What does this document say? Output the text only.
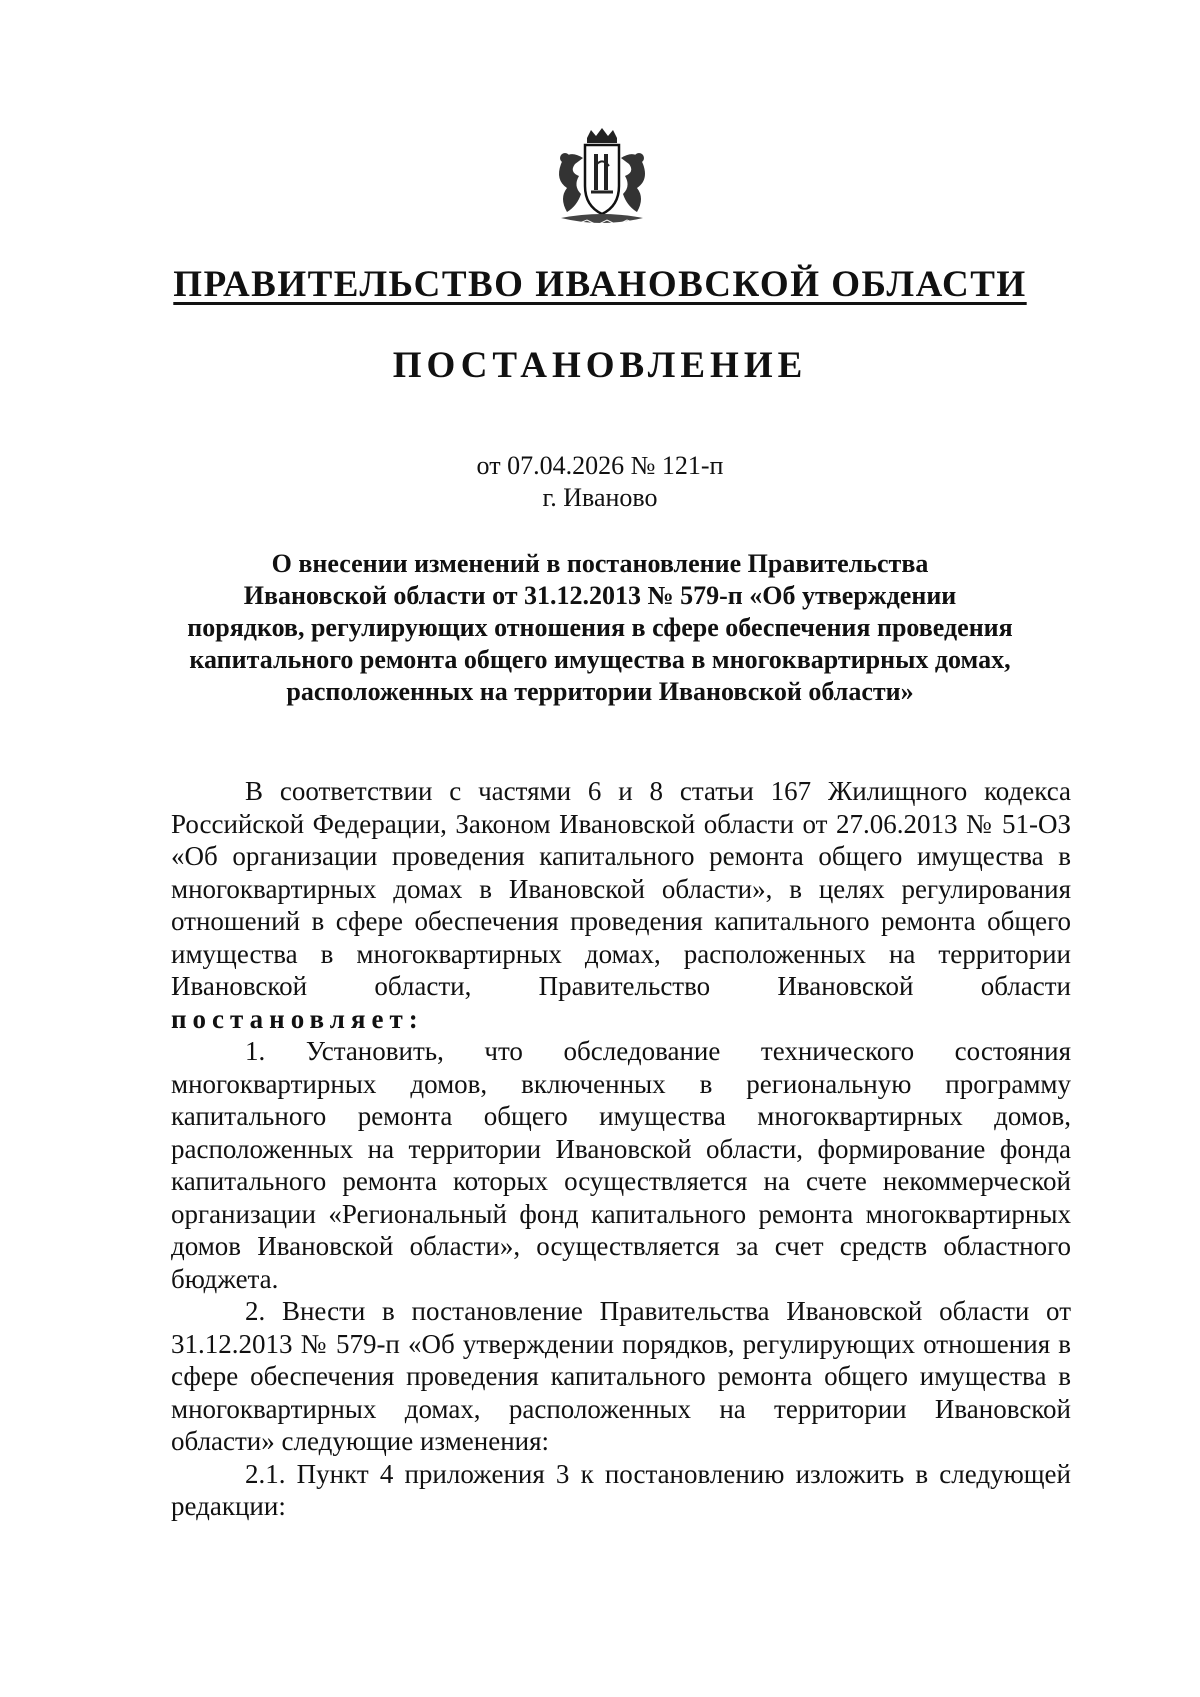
ПРАВИТЕЛЬСТВО ИВАНОВСКОЙ ОБЛАСТИ
ПОСТАНОВЛЕНИЕ
от 07.04.2026 № 121-п
г. Иваново
О внесении изменений в постановление Правительства
Ивановской области от 31.12.2013 № 579-п «Об утверждении
порядков, регулирующих отношения в сфере обеспечения проведения
капитального ремонта общего имущества в многоквартирных домах,
расположенных на территории Ивановской области»

В соответствии с частями 6 и 8 статьи 167 Жилищного кодекса Российской Федерации, Законом Ивановской области от 27.06.2013 № 51-ОЗ «Об организации проведения капитального ремонта общего имущества в многоквартирных домах в Ивановской области», в целях регулирования отношений в сфере обеспечения проведения капитального ремонта общего имущества в многоквартирных домах, расположенных на территории Ивановской области, Правительство Ивановской области

постановляет:

1. Установить, что обследование технического состояния многоквартирных домов, включенных в региональную программу капитального ремонта общего имущества многоквартирных домов, расположенных на территории Ивановской области, формирование фонда капитального ремонта которых осуществляется на счете некоммерческой организации «Региональный фонд капитального ремонта многоквартирных домов Ивановской области», осуществляется за счет средств областного бюджета.

2. Внести в постановление Правительства Ивановской области от 31.12.2013 № 579-п «Об утверждении порядков, регулирующих отношения в сфере обеспечения проведения капитального ремонта общего имущества в многоквартирных домах, расположенных на территории Ивановской области» следующие изменения:

2.1. Пункт 4 приложения 3 к постановлению изложить в следующей редакции:
